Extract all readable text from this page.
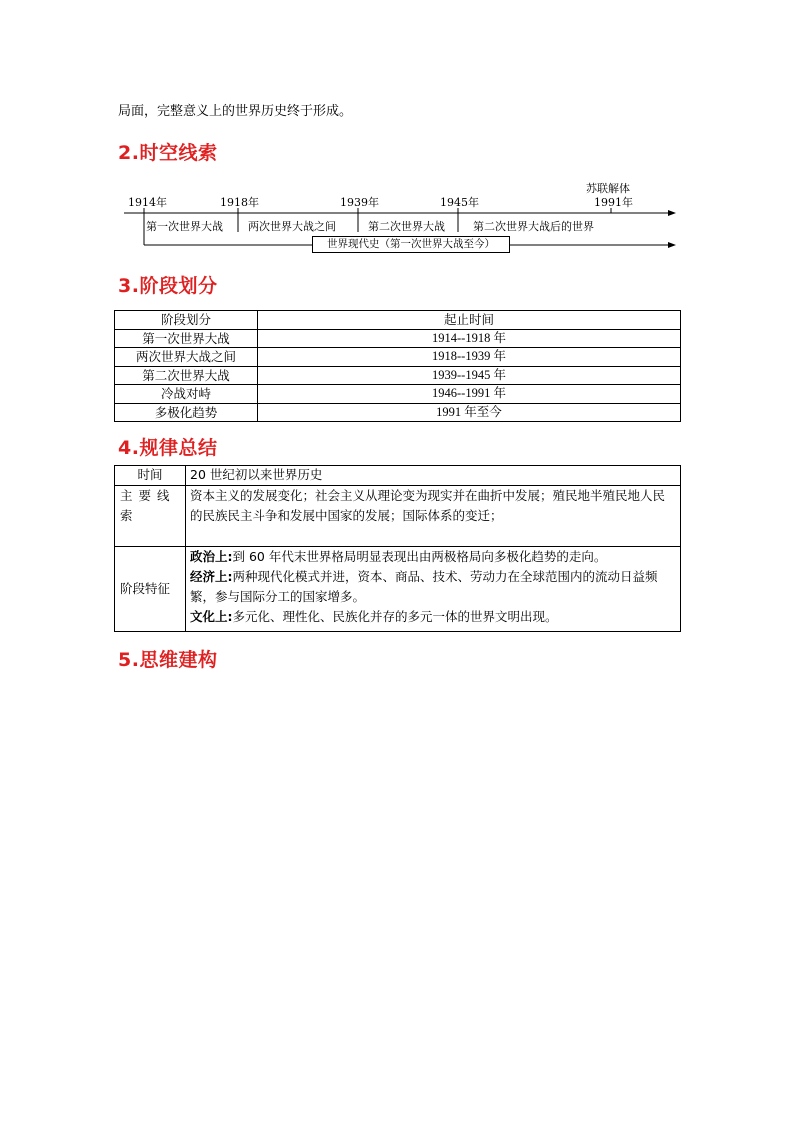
局面，完整意义上的世界历史终于形成。
2.时空线索
苏联解体
1914年	1918年	1939年	1945年	1991年
第一次世界大战 两次世界大战之间	第二次世界大战	第二次世界大战后的世界
世界现代史（第一次世界大战至今）
3.阶段划分
阶段划分	起止时间
第一次世界大战	1914--1918 年
两次世界大战之间	1918--1939 年
第二次世界大战	1939--1945 年
冷战对峙	1946--1991 年
多极化趋势	1991 年至今
4.规律总结
时间	20 世纪初以来世界历史
主要线索	资本主义的发展变化；社会主义从理论变为现实并在曲折中发展；殖民地半殖民地人民的民族民主斗争和发展中国家的发展；国际体系的变迁；
阶段特征	政治上:到 60 年代末世界格局明显表现出由两极格局向多极化趋势的走向。
经济上:两种现代化模式并进，资本、商品、技术、劳动力在全球范围内的流动日益频繁，参与国际分工的国家增多。
文化上:多元化、理性化、民族化并存的多元一体的世界文明出现。
5.思维建构
